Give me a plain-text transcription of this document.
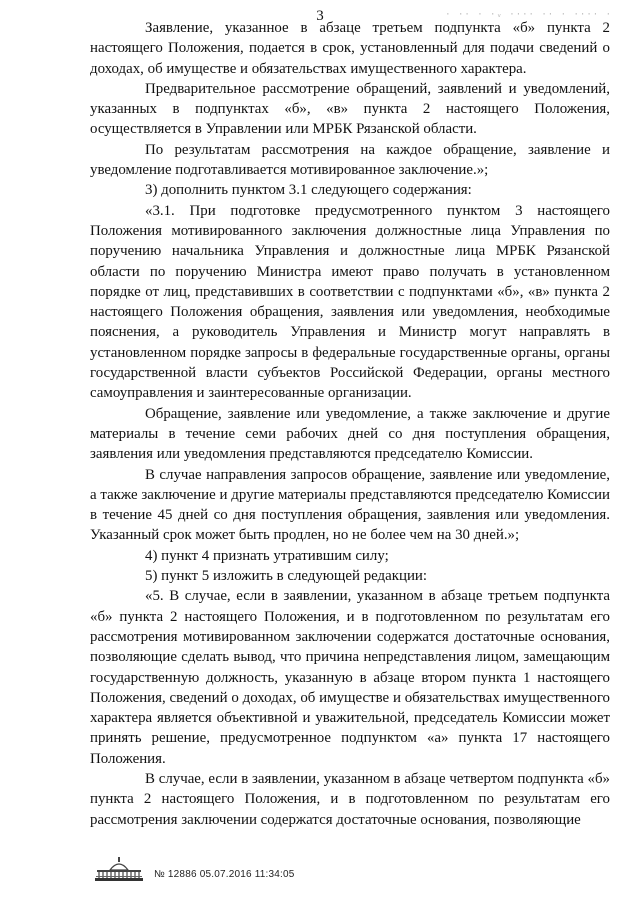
3	· ·· · ·ᵥ ···· ·· · ···· ·

Заявление, указанное в абзаце третьем подпункта «б» пункта 2 настоящего Положения, подается в срок, установленный для подачи сведений о доходах, об имуществе и обязательствах имущественного характера.

Предварительное рассмотрение обращений, заявлений и уведомлений, указанных в подпунктах «б», «в» пункта 2 настоящего Положения, осуществляется в Управлении или МРБК Рязанской области.

По результатам рассмотрения на каждое обращение, заявление и уведомление подготавливается мотивированное заключение.»;

3) дополнить пунктом 3.1 следующего содержания:

«3.1. При подготовке предусмотренного пунктом 3 настоящего Положения мотивированного заключения должностные лица Управления по поручению начальника Управления и должностные лица МРБК Рязанской области по поручению Министра имеют право получать в установленном порядке от лиц, представивших в соответствии с подпунктами «б», «в» пункта 2 настоящего Положения обращения, заявления или уведомления, необходимые пояснения, а руководитель Управления и Министр могут направлять в установленном порядке запросы в федеральные государственные органы, органы государственной власти субъектов Российской Федерации, органы местного самоуправления и заинтересованные организации.

Обращение, заявление или уведомление, а также заключение и другие материалы в течение семи рабочих дней со дня поступления обращения, заявления или уведомления представляются председателю Комиссии.

В случае направления запросов обращение, заявление или уведомление, а также заключение и другие материалы представляются председателю Комиссии в течение 45 дней со дня поступления обращения, заявления или уведомления. Указанный срок может быть продлен, но не более чем на 30 дней.»;

4) пункт 4 признать утратившим силу;

5) пункт 5 изложить в следующей редакции:

«5. В случае, если в заявлении, указанном в абзаце третьем подпункта «б» пункта 2 настоящего Положения, и в подготовленном по результатам его рассмотрения мотивированном заключении содержатся достаточные основания, позволяющие сделать вывод, что причина непредставления лицом, замещающим государственную должность, указанную в абзаце втором пункта 1 настоящего Положения, сведений о доходах, об имуществе и обязательствах имущественного характера является объективной и уважительной, председатель Комиссии может принять решение, предусмотренное подпунктом «а» пункта 17 настоящего Положения.

В случае, если в заявлении, указанном в абзаце четвертом подпункта «б» пункта 2 настоящего Положения, и в подготовленном по результатам его рассмотрения заключении содержатся достаточные основания, позволяющие

№ 12886 05.07.2016 11:34:05
